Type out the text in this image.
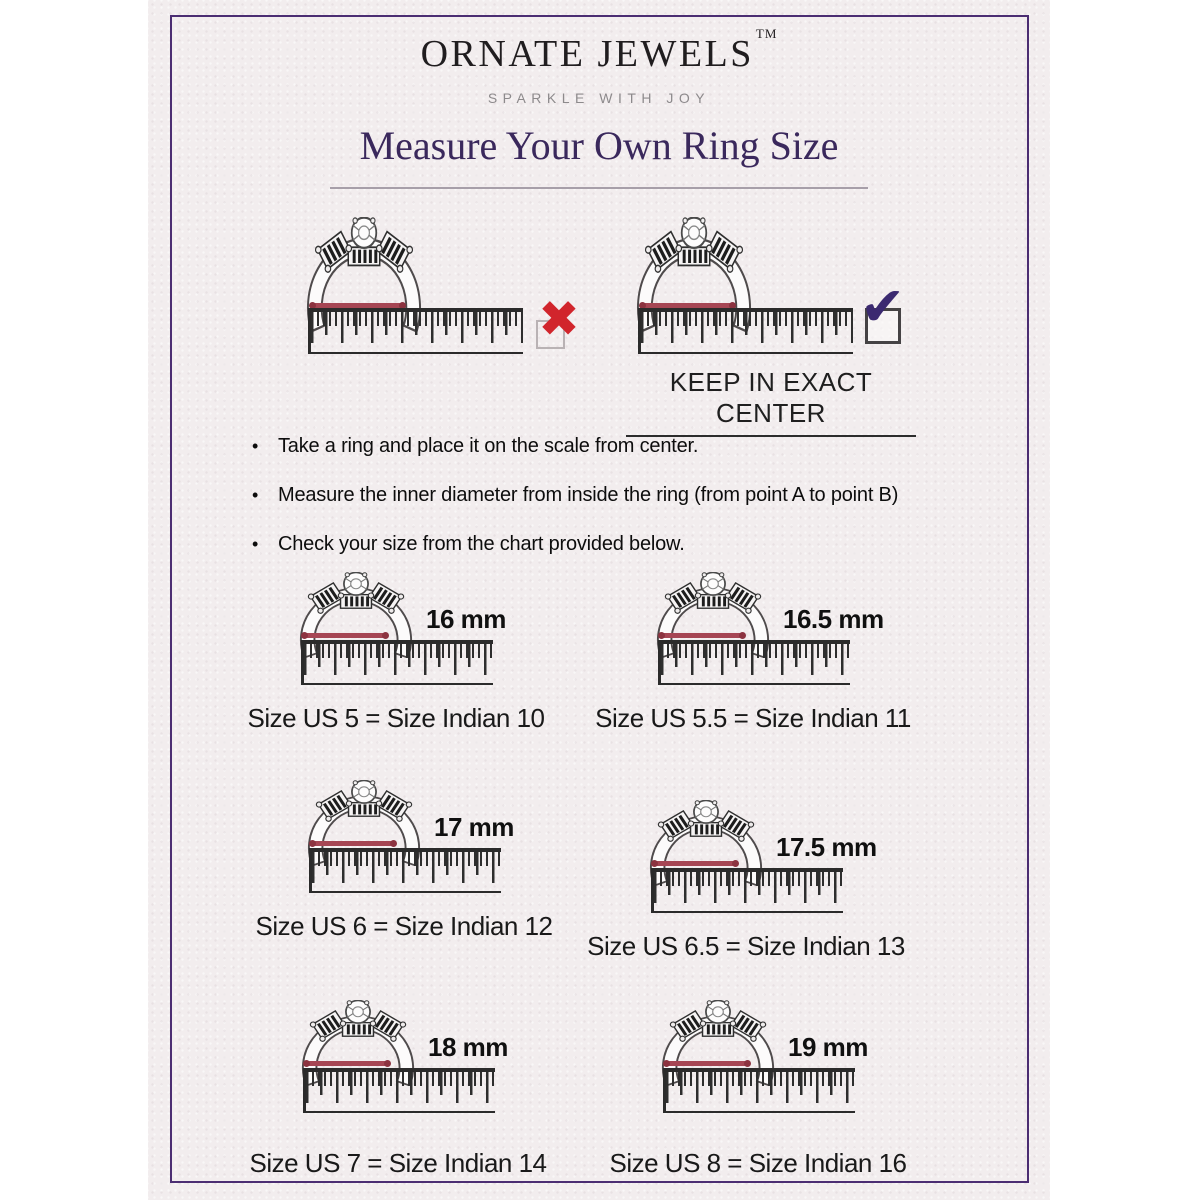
ORNATE JEWELS ™
SPARKLE WITH JOY
Measure Your Own Ring Size
✖	✔
KEEP IN EXACT CENTER
• Take a ring and place it on the scale from center.
• Measure the inner diameter from inside the ring (from point A to point B)
• Check your size from the chart provided below.
16 mm
Size US 5 = Size Indian 10
16.5 mm
Size US 5.5 = Size Indian 11
17 mm
Size US 6 = Size Indian 12
17.5 mm
Size US 6.5 = Size Indian 13
18 mm
Size US 7 = Size Indian 14
19 mm
Size US 8 = Size Indian 16
